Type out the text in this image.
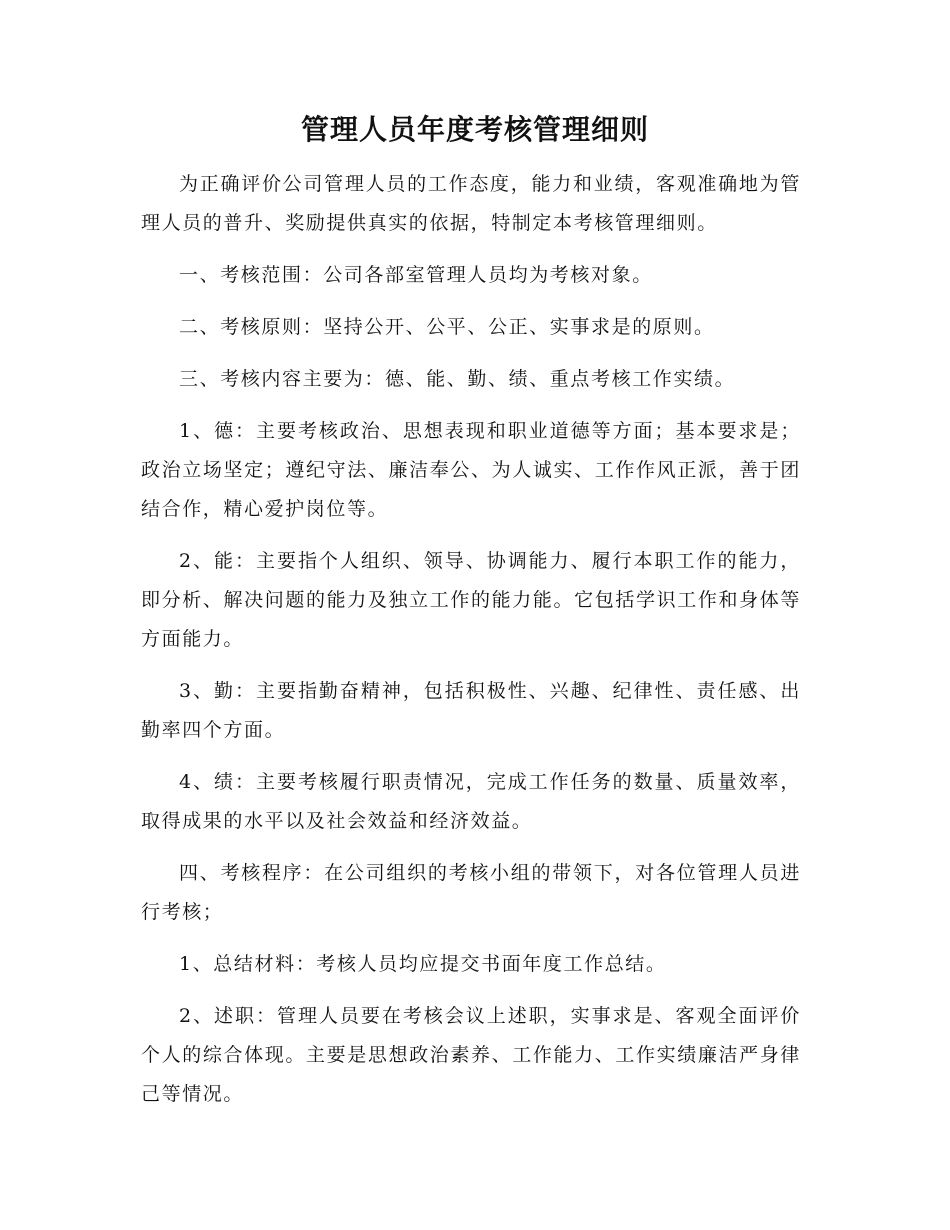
管理人员年度考核管理细则

为正确评价公司管理人员的工作态度，能力和业绩，客观准确地为管理人员的普升、奖励提供真实的依据，特制定本考核管理细则。

一、考核范围：公司各部室管理人员均为考核对象。

二、考核原则：坚持公开、公平、公正、实事求是的原则。

三、考核内容主要为：德、能、勤、绩、重点考核工作实绩。

1、德：主要考核政治、思想表现和职业道德等方面；基本要求是；政治立场坚定；遵纪守法、廉洁奉公、为人诚实、工作作风正派，善于团结合作，精心爱护岗位等。

2、能：主要指个人组织、领导、协调能力、履行本职工作的能力，即分析、解决问题的能力及独立工作的能力能。它包括学识工作和身体等方面能力。

3、勤：主要指勤奋精神，包括积极性、兴趣、纪律性、责任感、出勤率四个方面。

4、绩：主要考核履行职责情况，完成工作任务的数量、质量效率，取得成果的水平以及社会效益和经济效益。

四、考核程序：在公司组织的考核小组的带领下，对各位管理人员进行考核；

1、总结材料：考核人员均应提交书面年度工作总结。

2、述职：管理人员要在考核会议上述职，实事求是、客观全面评价个人的综合体现。主要是思想政治素养、工作能力、工作实绩廉洁严身律己等情况。
